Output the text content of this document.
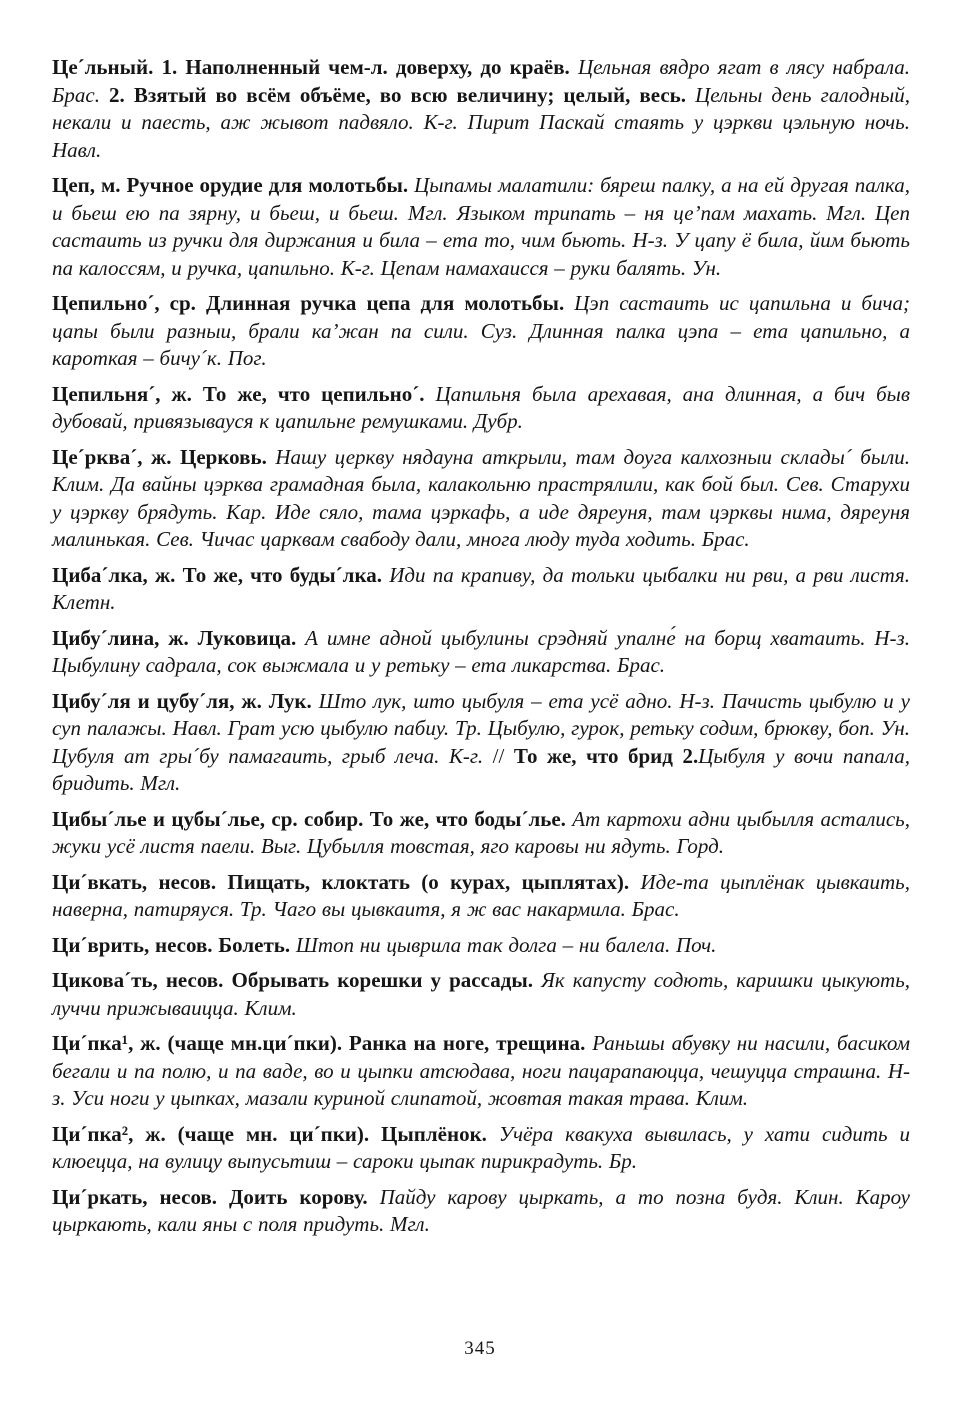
Це´льный. 1. Наполненный чем-л. доверху, до краёв. Цельная вядро ягат в лясу набрала. Брас. 2. Взятый во всём объёме, во всю величину; целый, весь. Цельны день галодный, некали и паесть, аж жывот падвяло. К-г. Пирит Паскай стаять у цэркви цэльную ночь. Навл.

Цеп, м. Ручное орудие для молотьбы. Цыпамы малатили: бяреш палку, а на ей другая палка, и бьеш ею па зярну, и бьеш, и бьеш. Мгл. Языком трипать – ня це’пам махать. Мгл. Цеп састаить из ручки для диржания и била – ета то, чим бьють. Н-з. У цапу ё била, йим бьють па калоссям, и ручка, цапильно. К-г. Цепам намахаисся – руки балять. Ун.

Цепильно´, ср. Длинная ручка цепа для молотьбы. Цэп састаить ис цапильна и бича; цапы были разныи, брали ка’жан па сили. Суз. Длинная палка цэпа – ета цапильно, а кароткая – бичу´к. Пог.

Цепильня´, ж. То же, что цепильно´. Цапильня была арехавая, ана длинная, а бич быв дубовай, привязывауся к цапильне ремушками. Дубр.

Це´рква´, ж. Церковь. Нашу церкву нядауна аткрыли, там доуга калхозныи склады´ были. Клим. Да вайны цэрква грамадная была, калакольню прастрялили, как бой был. Сев. Старухи у цэркву брядуть. Кар. Иде сяло, тама цэркафь, а иде дяреуня, там цэрквы нима, дяреуня малинькая. Сев. Чичас царквам свабоду дали, многа люду туда ходить. Брас.

Циба´лка, ж. То же, что буды´лка. Иди па крапиву, да тольки цыбалки ни рви, а рви листя. Клетн.

Цибу´лина, ж. Луковица. А имне адной цыбулины срэдняй упалне́ на борщ хватаить. Н-з. Цыбулину садрала, сок выжмала и у ретьку – ета ликарства. Брас.

Цибу´ля и цубу´ля, ж. Лук. Што лук, што цыбуля – ета усё адно. Н-з. Пачисть цыбулю и у суп палажы. Навл. Грат усю цыбулю пабиу. Тр. Цыбулю, гурок, ретьку содим, брюкву, боп. Ун. Цубуля ат гры´бу памагаить, грыб леча. К-г. // То же, что брид 2.Цыбуля у вочи папала, бридить. Мгл.

Цибы´лье и цубы´лье, ср. собир. То же, что боды´лье. Ат картохи адни цыбылля астались, жуки усё листя паели. Выг. Цубылля товстая, яго каровы ни ядуть. Горд.

Ци´вкать, несов. Пищать, клоктать (о курах, цыплятах). Иде-та цыплёнак цывкаить, наверна, патиряуся. Тр. Чаго вы цывкаитя, я ж вас накармила. Брас.

Ци´врить, несов. Болеть. Штоп ни цыврила так долга – ни балела. Поч.

Цикова´ть, несов. Обрывать корешки у рассады. Як капусту содють, каришки цыкують, луччи прижываицца. Клим.

Ци´пка¹, ж. (чаще мн.ци´пки). Ранка на ноге, трещина. Раньшы абувку ни насили, басиком бегали и па полю, и па ваде, во и цыпки атсюдава, ноги пацарапаюцца, чешуцца страшна. Н-з. Уси ноги у цыпках, мазали куриной слипатой, жовтая такая трава. Клим.

Ци´пка², ж. (чаще мн. ци´пки). Цыплёнок. Учёра квакуха вывилась, у хати сидить и клюецца, на вулицу выпусьтиш – сароки цыпак пирикрадуть. Бр.

Ци´ркать, несов. Доить корову. Пайду карову цыркать, а то позна будя. Клин. Кароу цыркають, кали яны с поля придуть. Мгл.

345
